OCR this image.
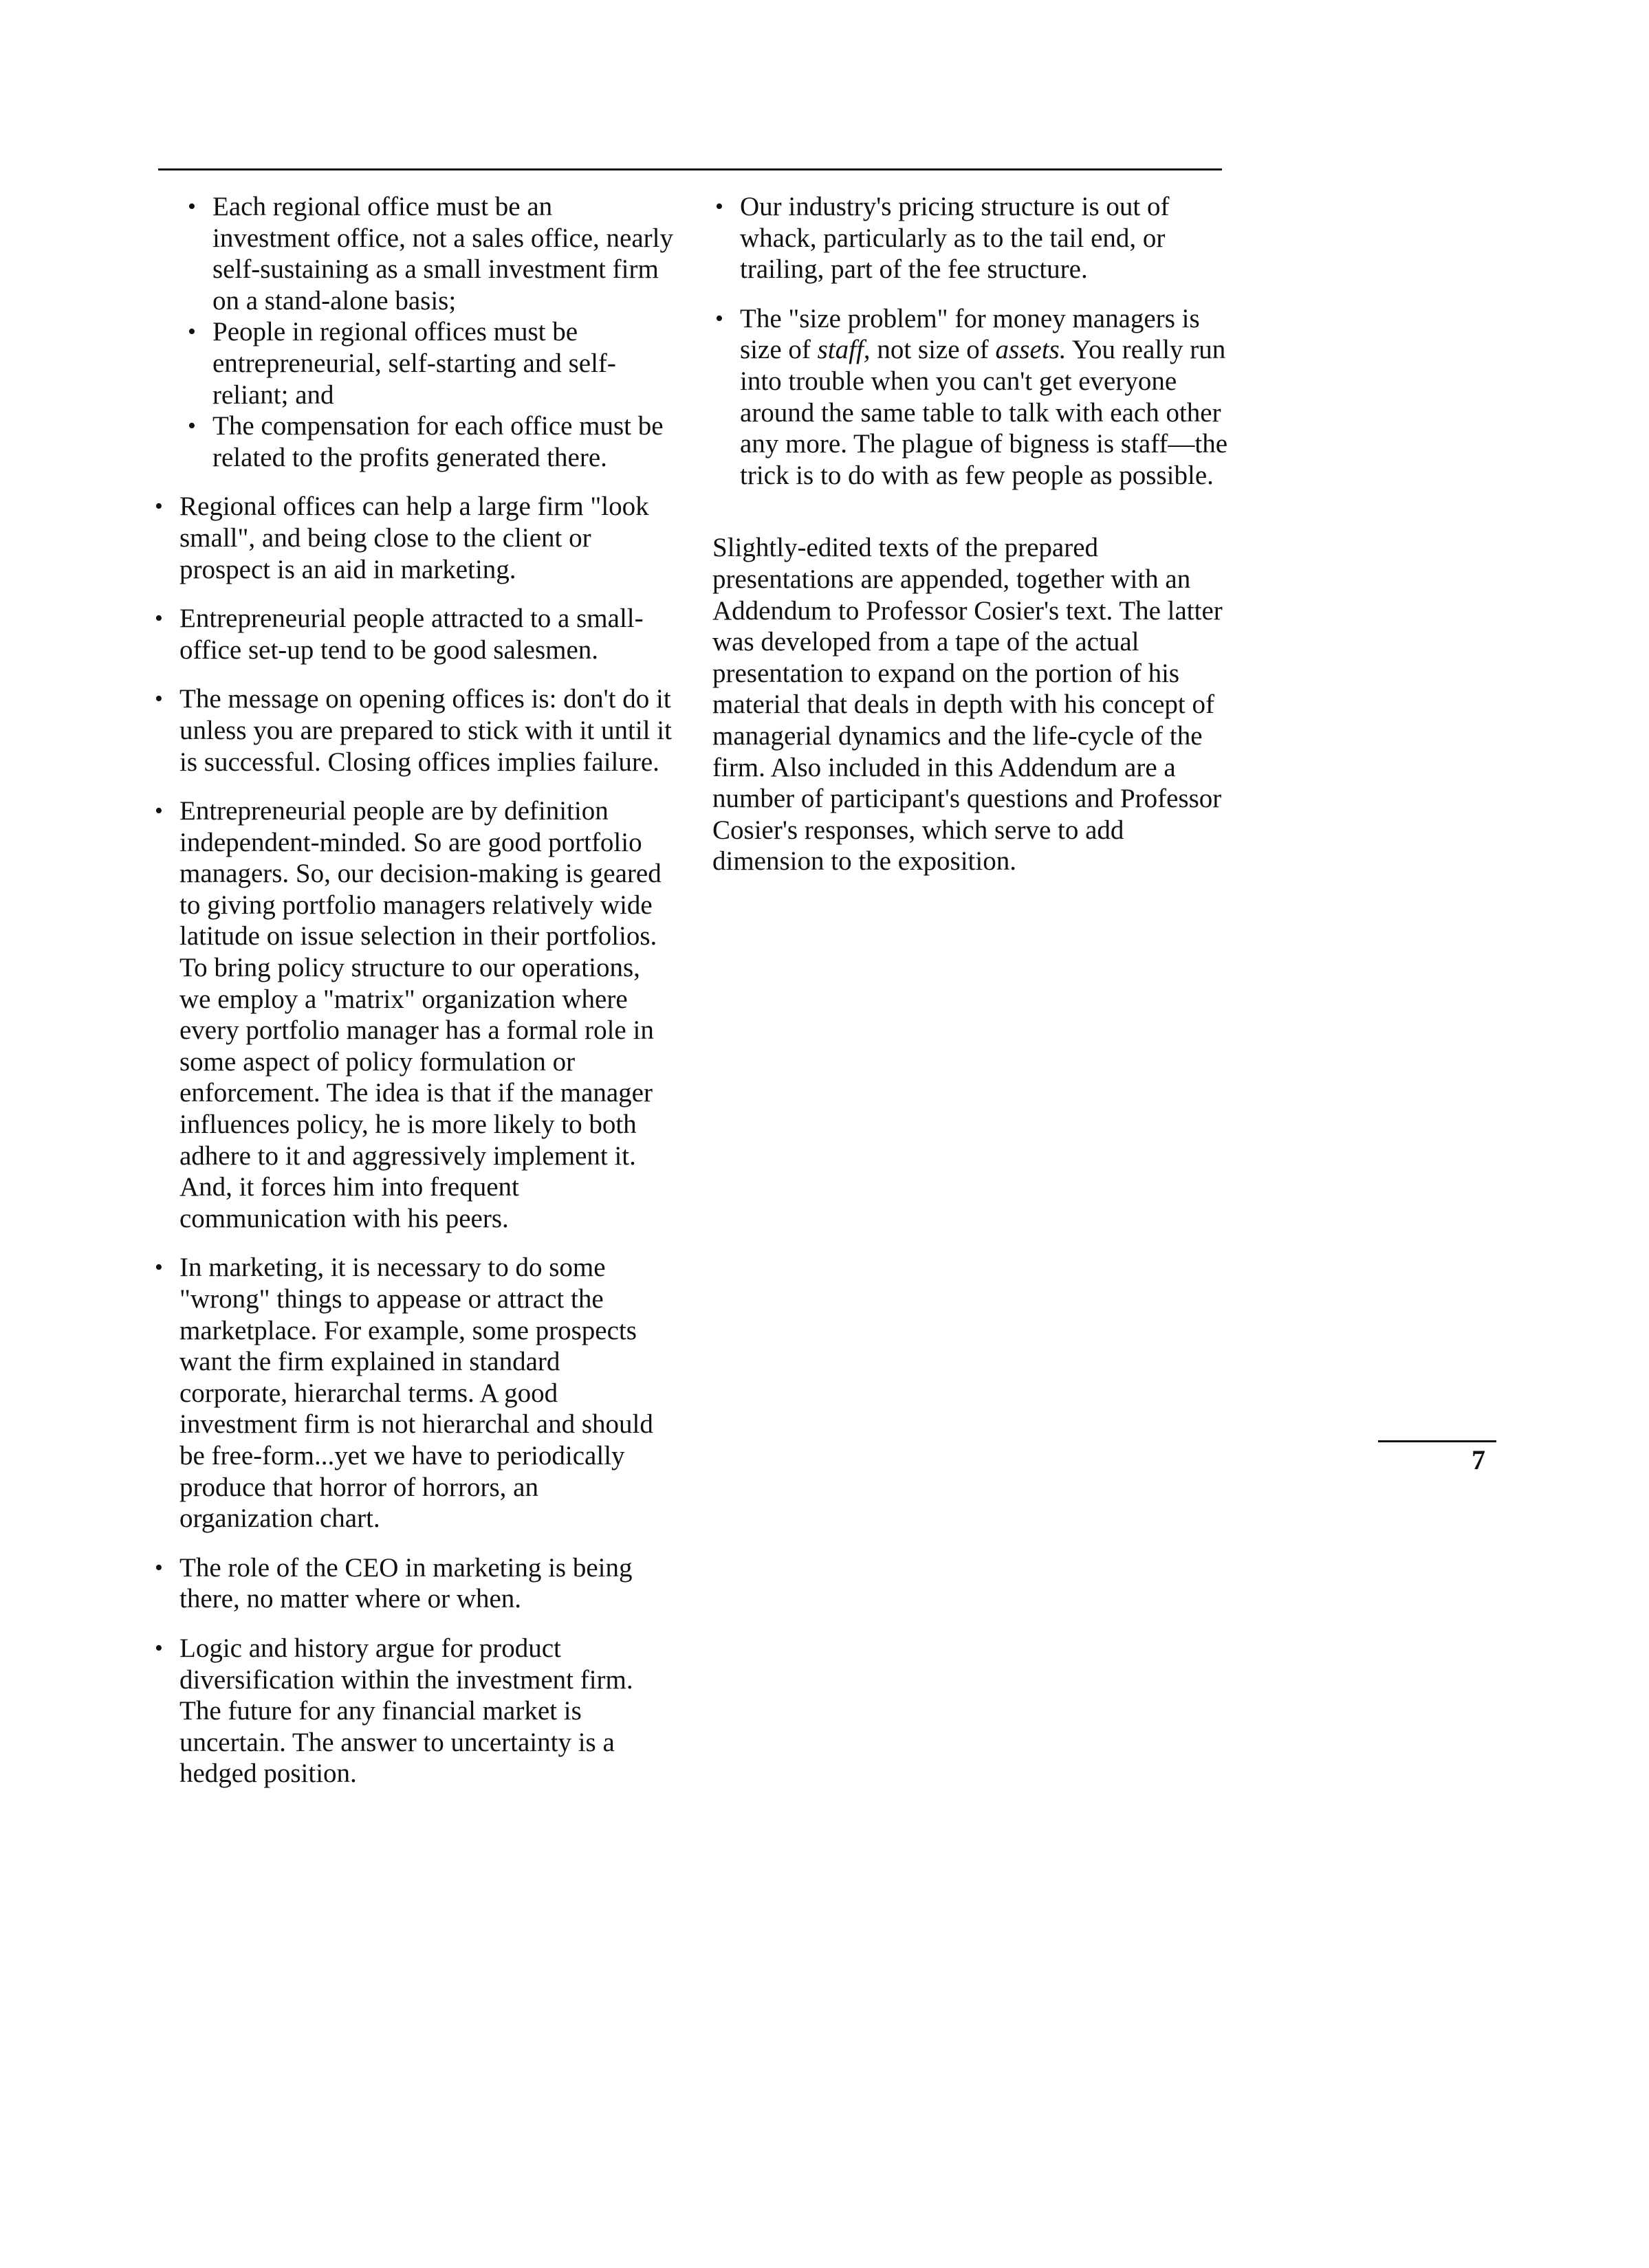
• Each regional office must be an investment office, not a sales office, nearly self-sustaining as a small investment firm on a stand-alone basis;
• People in regional offices must be entrepreneurial, self-starting and self-reliant; and
• The compensation for each office must be related to the profits generated there.
• Regional offices can help a large firm "look small", and being close to the client or prospect is an aid in marketing.
• Entrepreneurial people attracted to a small-office set-up tend to be good salesmen.
• The message on opening offices is: don't do it unless you are prepared to stick with it until it is successful. Closing offices implies failure.
• Entrepreneurial people are by definition independent-minded. So are good portfolio managers. So, our decision-making is geared to giving portfolio managers relatively wide latitude on issue selection in their portfolios. To bring policy structure to our operations, we employ a "matrix" organization where every portfolio manager has a formal role in some aspect of policy formulation or enforcement. The idea is that if the manager influences policy, he is more likely to both adhere to it and aggressively implement it. And, it forces him into frequent communication with his peers.
• In marketing, it is necessary to do some "wrong" things to appease or attract the marketplace. For example, some prospects want the firm explained in standard corporate, hierarchal terms. A good investment firm is not hierarchal and should be free-form...yet we have to periodically produce that horror of horrors, an organization chart.
• The role of the CEO in marketing is being there, no matter where or when.
• Logic and history argue for product diversification within the investment firm. The future for any financial market is uncertain. The answer to uncertainty is a hedged position.
• Our industry's pricing structure is out of whack, particularly as to the tail end, or trailing, part of the fee structure.
• The "size problem" for money managers is size of staff, not size of assets. You really run into trouble when you can't get everyone around the same table to talk with each other any more. The plague of bigness is staff—the trick is to do with as few people as possible.

Slightly-edited texts of the prepared presentations are appended, together with an Addendum to Professor Cosier's text. The latter was developed from a tape of the actual presentation to expand on the portion of his material that deals in depth with his concept of managerial dynamics and the life-cycle of the firm. Also included in this Addendum are a number of participant's questions and Professor Cosier's responses, which serve to add dimension to the exposition.

7
